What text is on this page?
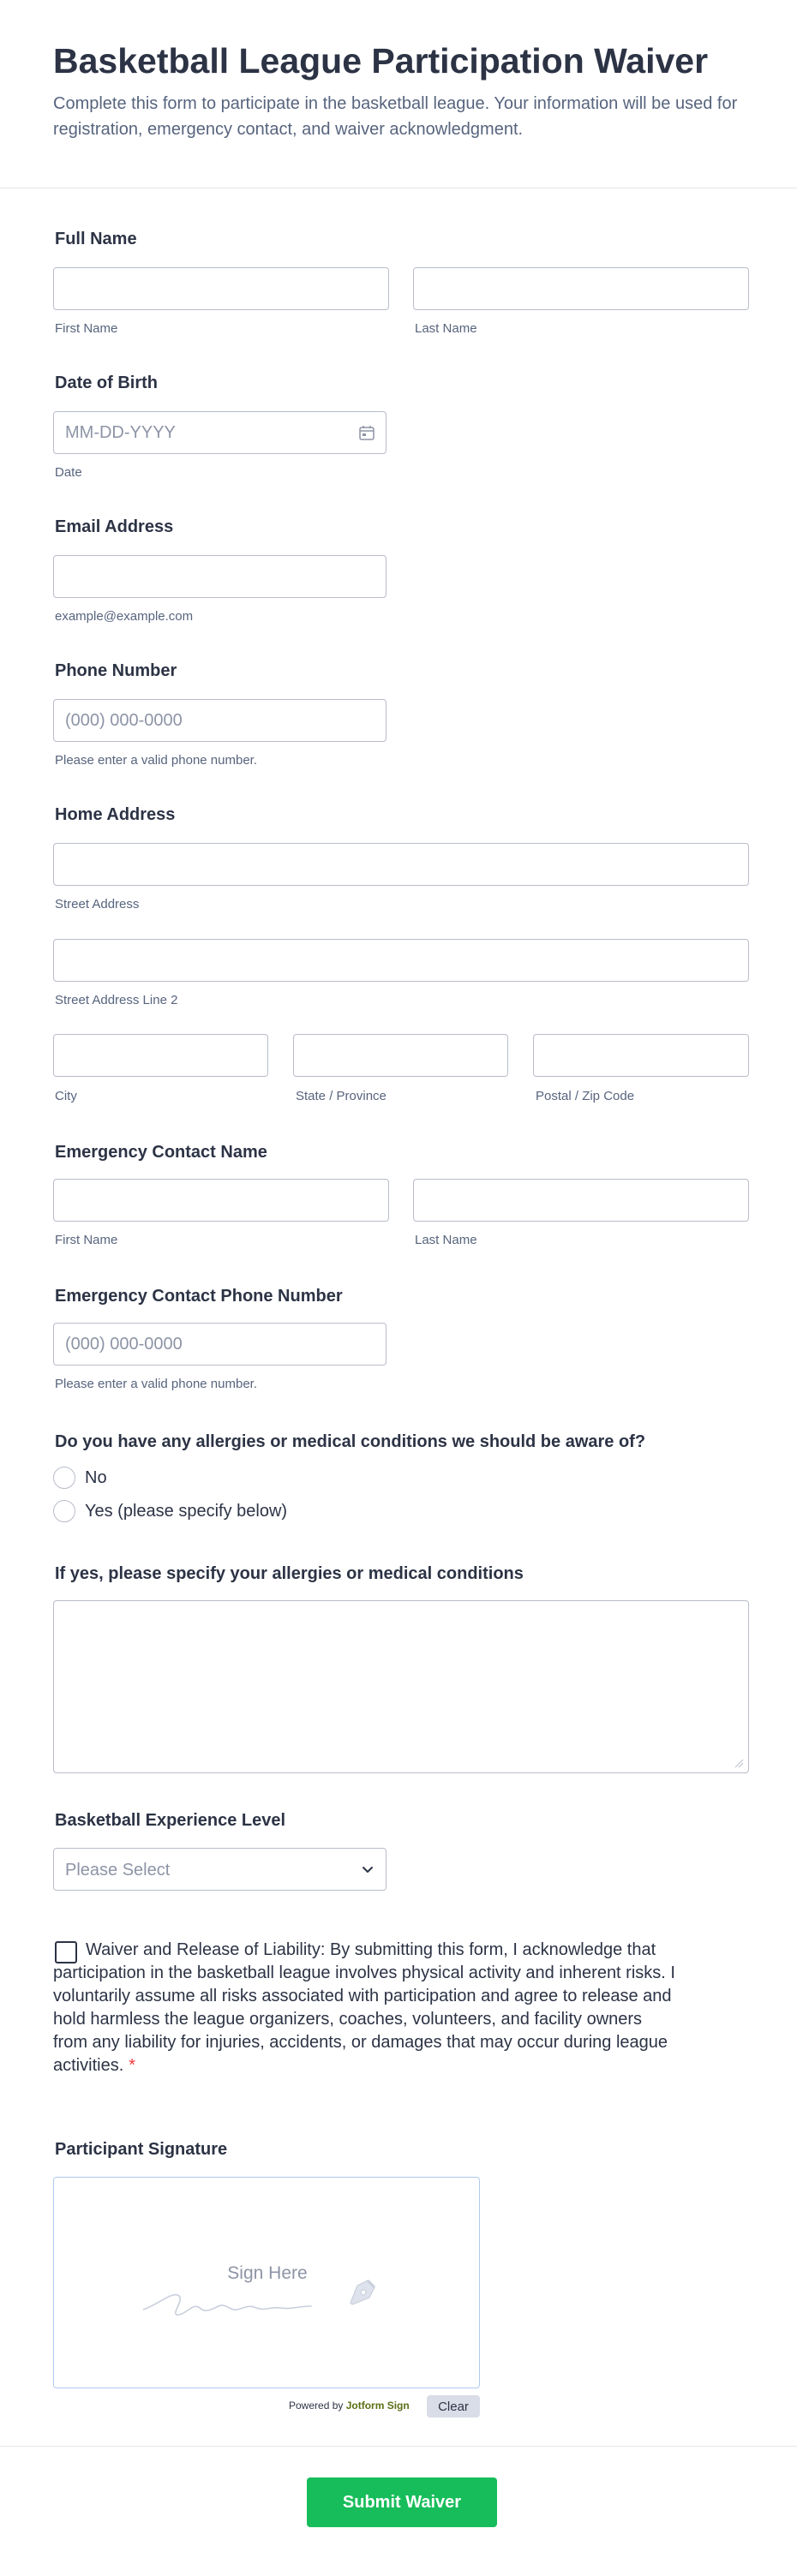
Basketball League Participation Waiver

Complete this form to participate in the basketball league. Your information will be used for registration, emergency contact, and waiver acknowledgment.

Full Name
First Name	Last Name
Date of Birth
MM-DD-YYYY
Date
Email Address
example@example.com
Phone Number
(000) 000-0000
Please enter a valid phone number.
Home Address
Street Address
Street Address Line 2
City	State / Province	Postal / Zip Code
Emergency Contact Name
First Name	Last Name
Emergency Contact Phone Number
(000) 000-0000
Please enter a valid phone number.
Do you have any allergies or medical conditions we should be aware of?
No
Yes (please specify below)
If yes, please specify your allergies or medical conditions
Basketball Experience Level
Please Select
Waiver and Release of Liability: By submitting this form, I acknowledge that participation in the basketball league involves physical activity and inherent risks. I voluntarily assume all risks associated with participation and agree to release and hold harmless the league organizers, coaches, volunteers, and facility owners from any liability for injuries, accidents, or damages that may occur during league activities. *
Participant Signature
Sign Here
Powered by Jotform Sign	Clear
Submit Waiver
